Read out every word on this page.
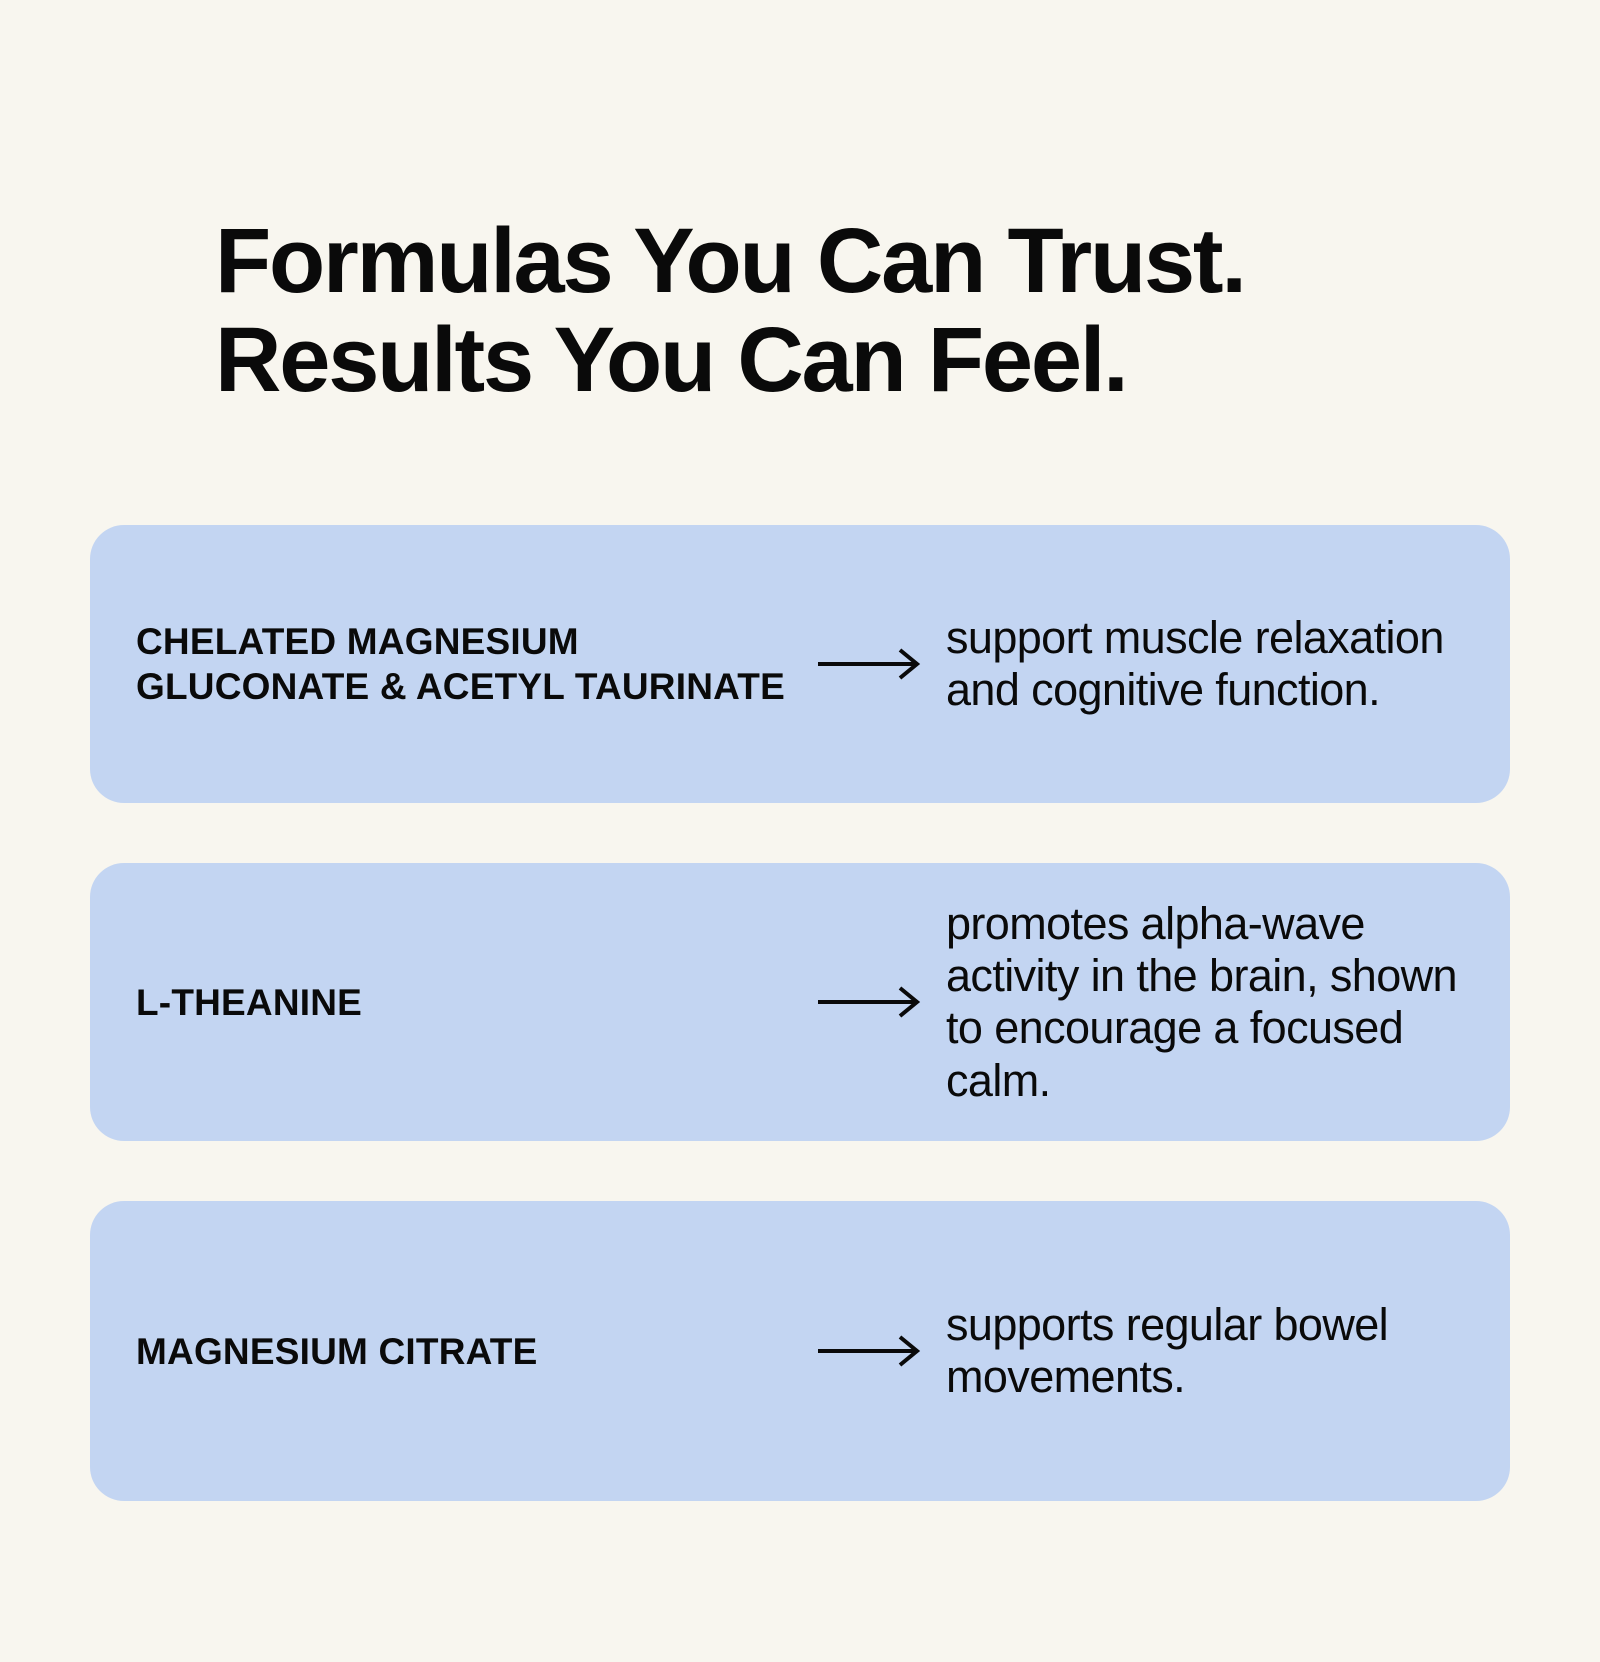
Formulas You Can Trust.
Results You Can Feel.
CHELATED MAGNESIUM GLUCONATE & ACETYL TAURINATE
support muscle relaxation and cognitive function.
L-THEANINE
promotes alpha-wave activity in the brain, shown to encourage a focused calm.
MAGNESIUM CITRATE
supports regular bowel movements.
